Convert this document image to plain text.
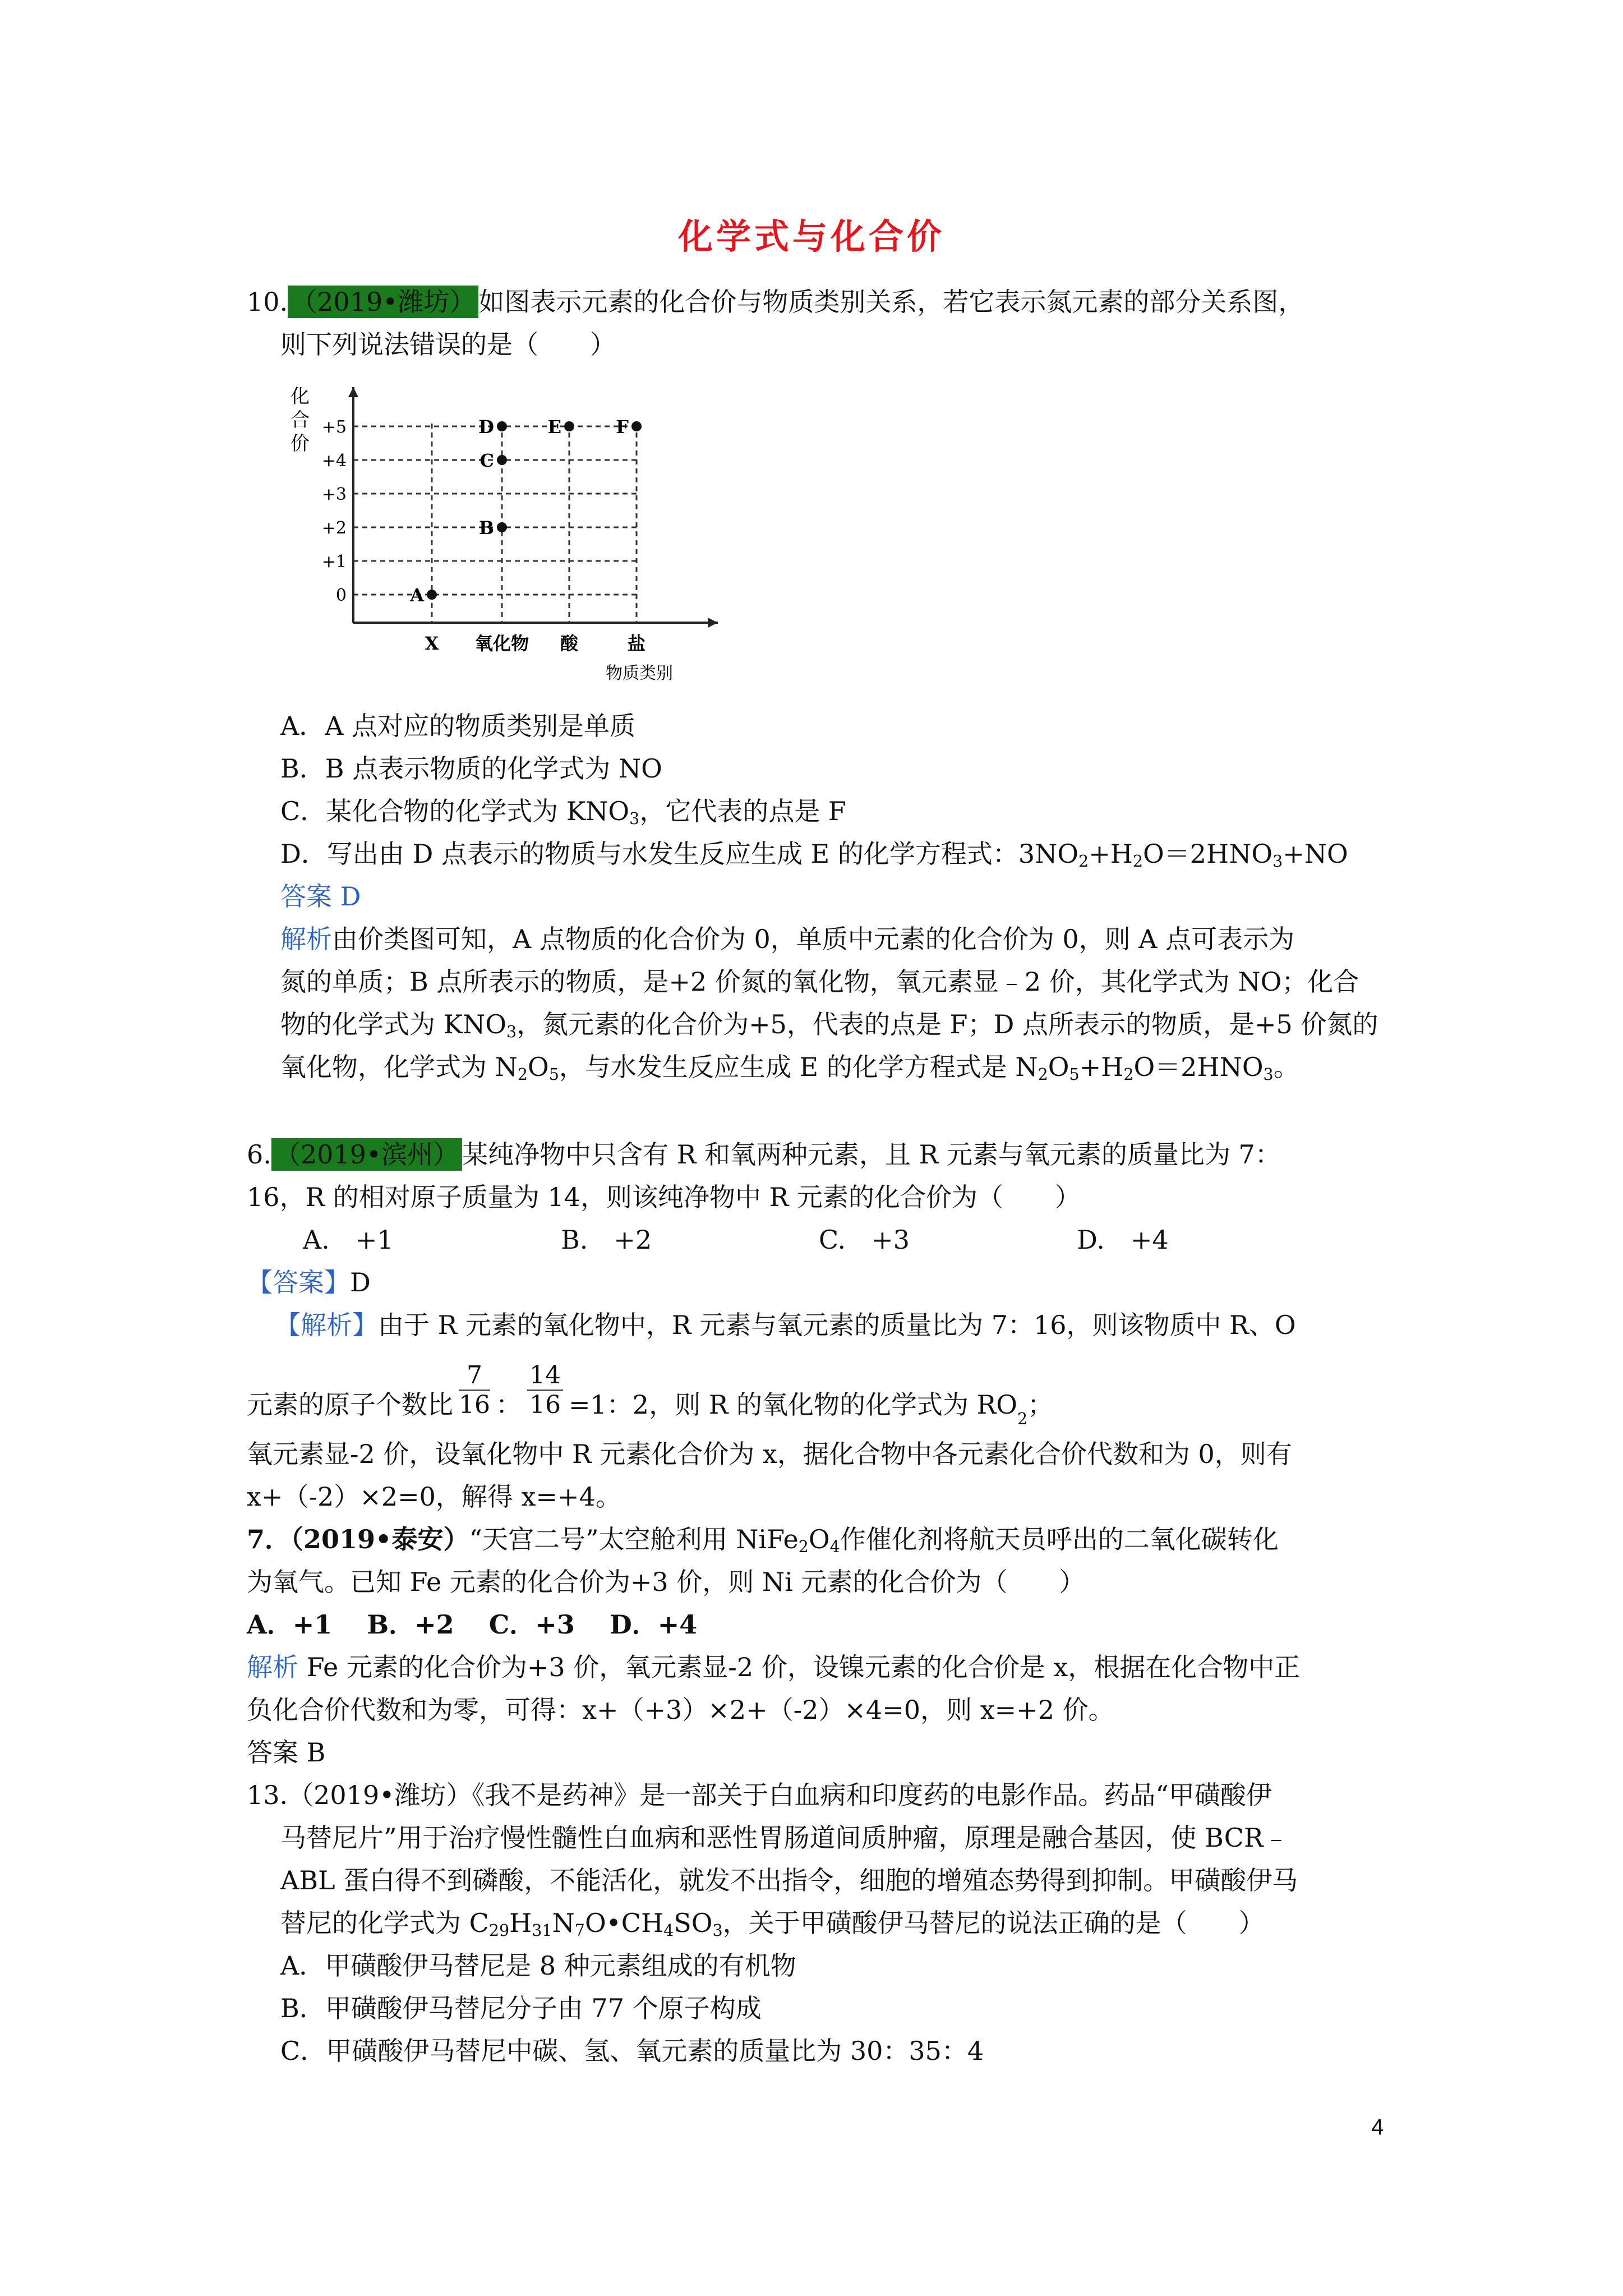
化学式与化合价
10. （2019•潍坊） 如图表示元素的化合价与物质类别关系，若它表示氮元素的部分关系图，
则下列说法错误的是（　　）
化
合
价
+5
+4
+3
+2
+1
0
X 氧化物 酸	盐
物质类别
A
B
C
D	E	F
A．A 点对应的物质类别是单质
B．B 点表示物质的化学式为 NO
C．某化合物的化学式为 $KNO_3$，它代表的点是 F
D．写出由 D 点表示的物质与水发生反应生成 E 的化学方程式：$3NO_2+H_2O=2HNO_3+NO$
答案 D
解析由价类图可知，A 点物质的化合价为 0，单质中元素的化合价为 0，则 A 点可表示为
氮的单质；B 点所表示的物质，是+2 价氮的氧化物，氧元素显﹣2 价，其化学式为 NO；化合
物的化学式为 $KNO_3$，氮元素的化合价为+5，代表的点是 F；D 点所表示的物质，是+5 价氮的
氧化物，化学式为 $N_2O_5$，与水发生反应生成 E 的化学方程式是 $N_2O_5+H_2O=2HNO_3$。
6. （2019•滨州） 某纯净物中只含有 R 和氧两种元素，且 R 元素与氧元素的质量比为 7：
16，R 的相对原子质量为 14，则该纯净物中 R 元素的化合价为（　　）
A.　+1	B.　+2	C.　+3	D.　+4
【答案】D
【解析】由于 R 元素的氧化物中，R 元素与氧元素的质量比为 7：16，则该物质中 R、O
元素的原子个数比 $\frac{7}{16}$ ： $\frac{14}{16} =1$：2，则 R 的氧化物的化学式为 RO 2 ；
氧元素显-2 价，设氧化物中 R 元素化合价为 x，据化合物中各元素化合价代数和为 0，则有
x+（-2）×2=0，解得 x=+4。
7．（2019•泰安）“天宫二号”太空舱利用 $NiFe_2O_4$作催化剂将航天员呼出的二氧化碳转化
为氧气。已知 Fe 元素的化合价为+3 价，则 Ni 元素的化合价为（　　）
A．+1　 B．+2　 C．+3　 D．+4
解析 Fe 元素的化合价为+3 价，氧元素显-2 价，设镍元素的化合价是 x，根据在化合物中正
负化合价代数和为零，可得：x+（+3）×2+（-2）×4=0，则 x=+2 价。
答案 B
13.（2019•潍坊）《我不是药神》是一部关于白血病和印度药的电影作品。药品“甲磺酸伊
马替尼片”用于治疗慢性髓性白血病和恶性胃肠道间质肿瘤，原理是融合基因，使 BCR﹣
ABL 蛋白得不到磷酸，不能活化，就发不出指令，细胞的增殖态势得到抑制。甲磺酸伊马
替尼的化学式为 $C_{29}H_{31}N_7O•CH_4SO_3$，关于甲磺酸伊马替尼的说法正确的是（　　）
A．甲磺酸伊马替尼是 8 种元素组成的有机物
B．甲磺酸伊马替尼分子由 77 个原子构成
C．甲磺酸伊马替尼中碳、氢、氧元素的质量比为 30：35：4
4
